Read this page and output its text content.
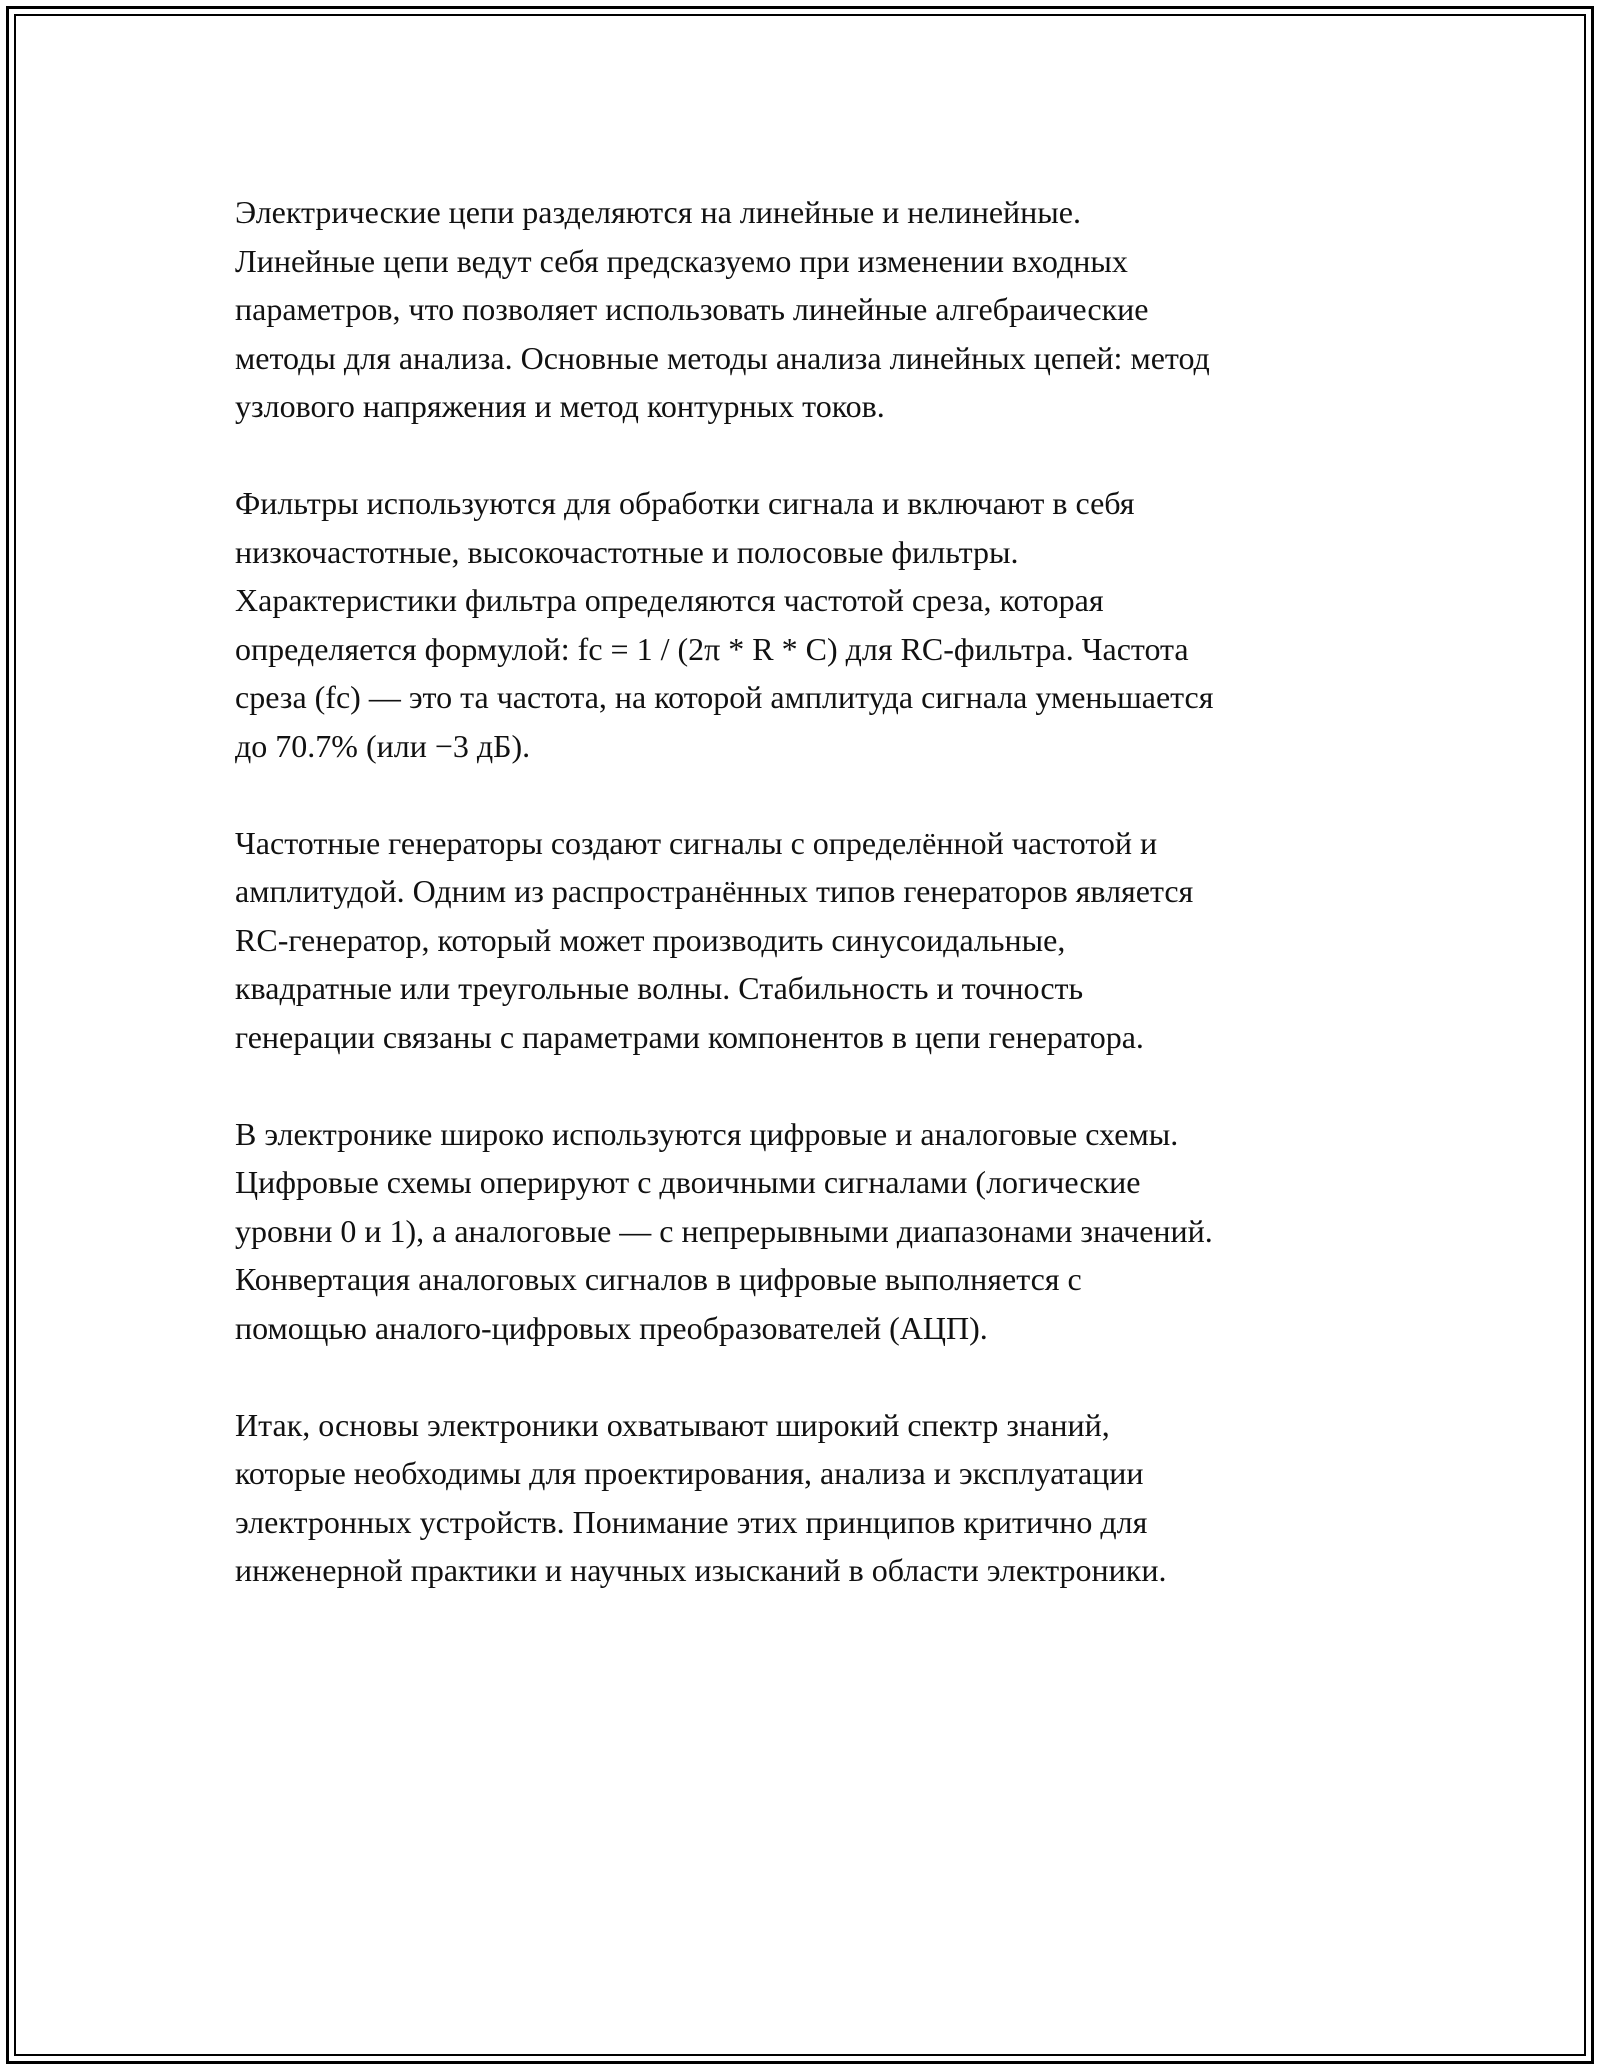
Электрические цепи разделяются на линейные и нелинейные.
Линейные цепи ведут себя предсказуемо при изменении входных
параметров, что позволяет использовать линейные алгебраические
методы для анализа. Основные методы анализа линейных цепей: метод
узлового напряжения и метод контурных токов.

Фильтры используются для обработки сигнала и включают в себя
низкочастотные, высокочастотные и полосовые фильтры.
Характеристики фильтра определяются частотой среза, которая
определяется формулой: fc = 1 / (2π * R * C) для RC-фильтра. Частота
среза (fc) — это та частота, на которой амплитуда сигнала уменьшается
до 70.7% (или −3 дБ).

Частотные генераторы создают сигналы с определённой частотой и
амплитудой. Одним из распространённых типов генераторов является
RC-генератор, который может производить синусоидальные,
квадратные или треугольные волны. Стабильность и точность
генерации связаны с параметрами компонентов в цепи генератора.

В электронике широко используются цифровые и аналоговые схемы.
Цифровые схемы оперируют с двоичными сигналами (логические
уровни 0 и 1), а аналоговые — с непрерывными диапазонами значений.
Конвертация аналоговых сигналов в цифровые выполняется с
помощью аналого-цифровых преобразователей (АЦП).

Итак, основы электроники охватывают широкий спектр знаний,
которые необходимы для проектирования, анализа и эксплуатации
электронных устройств. Понимание этих принципов критично для
инженерной практики и научных изысканий в области электроники.
